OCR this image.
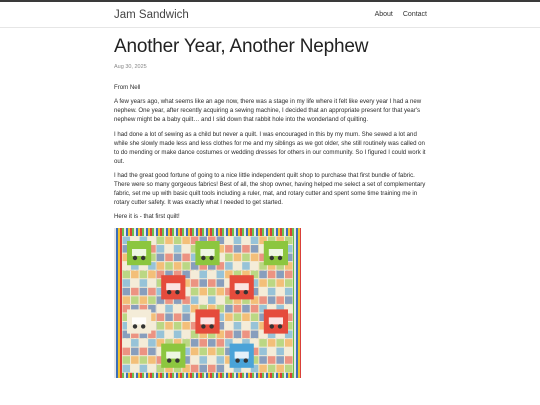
Jam Sandwich	About Contact
Another Year, Another Nephew
Aug 30, 2025

From Nell

A few years ago, what seems like an age now, there was a stage in my life where it felt like every year I had a new nephew. One year, after recently acquiring a sewing machine, I decided that an appropriate present for that year's nephew might be a baby quilt… and I slid down that rabbit hole into the wonderland of quilting.

I had done a lot of sewing as a child but never a quilt. I was encouraged in this by my mum. She sewed a lot and while she slowly made less and less clothes for me and my siblings as we got older, she still routinely was called on to do mending or make dance costumes or wedding dresses for others in our community. So I figured I could work it out.

I had the great good fortune of going to a nice little independent quilt shop to purchase that first bundle of fabric. There were so many gorgeous fabrics! Best of all, the shop owner, having helped me select a set of complementary fabric, set me up with basic quilt tools including a ruler, mat, and rotary cutter and spent some time training me in rotary cutter safety. It was exactly what I needed to get started.

Here it is - that first quilt!
